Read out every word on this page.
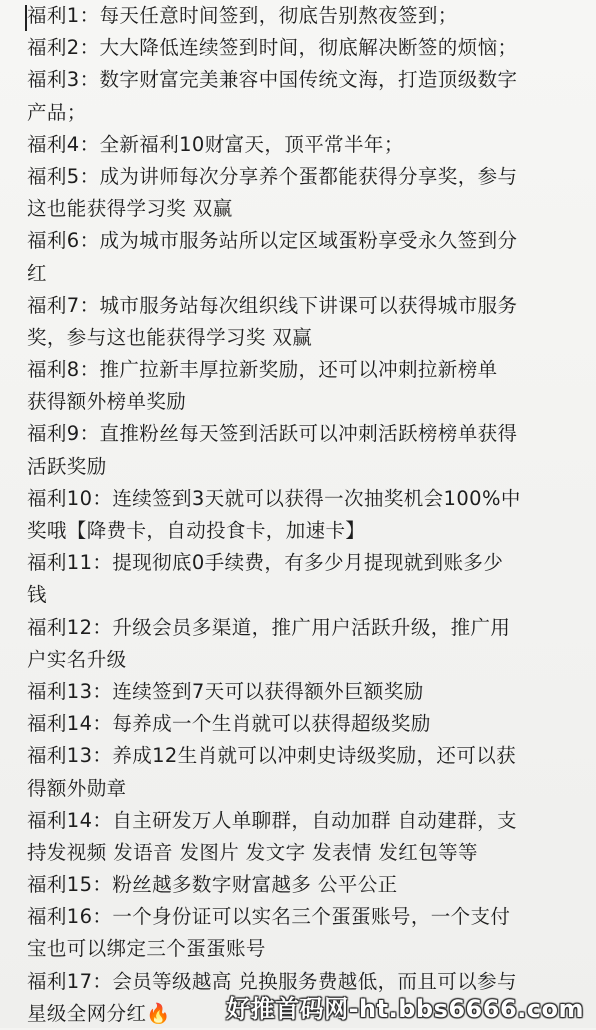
福利1：每天任意时间签到，彻底告别熬夜签到；
福利2：大大降低连续签到时间，彻底解决断签的烦恼；
福利3：数字财富完美兼容中国传统文海，打造顶级数字
产品；
福利4：全新福利10财富天，顶平常半年；
福利5：成为讲师每次分享养个蛋都能获得分享奖，参与
这也能获得学习奖 双赢
福利6：成为城市服务站所以定区域蛋粉享受永久签到分
红
福利7：城市服务站每次组织线下讲课可以获得城市服务
奖，参与这也能获得学习奖 双赢
福利8：推广拉新丰厚拉新奖励，还可以冲刺拉新榜单
获得额外榜单奖励
福利9：直推粉丝每天签到活跃可以冲刺活跃榜榜单获得
活跃奖励
福利10：连续签到3天就可以获得一次抽奖机会100%中
奖哦【降费卡，自动投食卡，加速卡】
福利11：提现彻底0手续费，有多少月提现就到账多少
钱
福利12：升级会员多渠道，推广用户活跃升级，推广用
户实名升级
福利13：连续签到7天可以获得额外巨额奖励
福利14：每养成一个生肖就可以获得超级奖励
福利13：养成12生肖就可以冲刺史诗级奖励，还可以获
得额外勋章
福利14：自主研发万人单聊群，自动加群 自动建群，支
持发视频 发语音 发图片 发文字 发表情 发红包等等
福利15：粉丝越多数字财富越多 公平公正
福利16：一个身份证可以实名三个蛋蛋账号，一个支付
宝也可以绑定三个蛋蛋账号
福利17：会员等级越高 兑换服务费越低，而且可以参与
星级全网分红🔥	好推首码网-ht.bbs6666.com
